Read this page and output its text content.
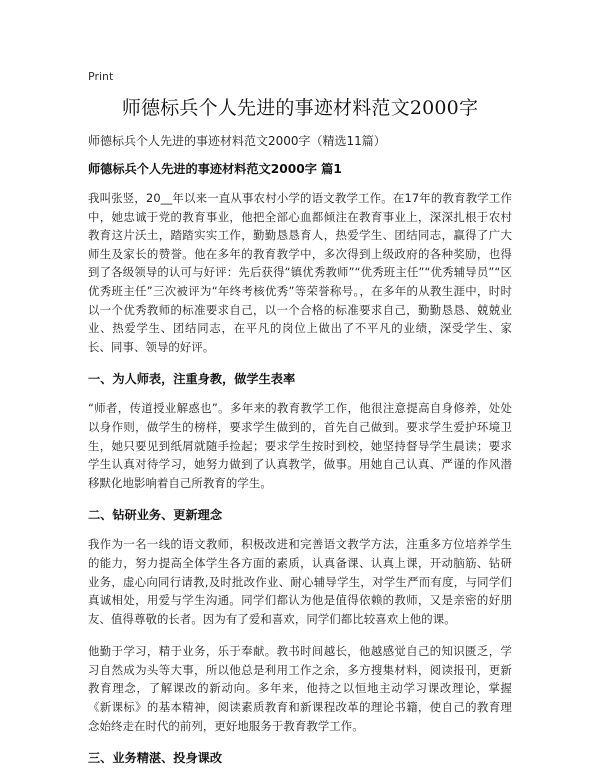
Print
师德标兵个人先进的事迹材料范文2000字

师德标兵个人先进的事迹材料范文2000字（精选11篇）

师德标兵个人先进的事迹材料范文2000字 篇1

我叫张竖，20__年以来一直从事农村小学的语文教学工作。在17年的教育教学工作中，她忠诚于党的教育事业，他把全部心血都倾注在教育事业上，深深扎根于农村教育这片沃土，踏踏实实工作，勤勤恳恳育人，热爱学生、团结同志，赢得了广大师生及家长的赞誉。他在多年的教育教学中，多次得到上级政府的各种奖励，也得到了各级领导的认可与好评：先后获得“镇优秀教师”“优秀班主任”“优秀辅导员”“区优秀班主任”三次被评为“年终考核优秀”等荣誉称号。，在多年的从教生涯中，时时以一个优秀教师的标准要求自己，以一个合格的标准要求自己，勤勤恳恳、兢兢业业、热爱学生、团结同志，在平凡的岗位上做出了不平凡的业绩，深受学生、家长、同事、领导的好评。

一、为人师表，注重身教，做学生表率

“师者，传道授业解惑也”。多年来的教育教学工作，他很注意提高自身修养，处处以身作则，做学生的榜样，要求学生做到的，首先自己做到。要求学生爱护环境卫生，她只要见到纸屑就随手捡起；要求学生按时到校，她坚持督导学生晨读；要求学生认真对待学习，她努力做到了认真教学，做事。用她自己认真、严谨的作风潜移默化地影响着自己所教育的学生。

二、钻研业务、更新理念

我作为一名一线的语文教师，积极改进和完善语文教学方法，注重多方位培养学生的能力，努力提高全体学生各方面的素质，认真备课、认真上课，开动脑筋、钻研业务，虚心向同行请教,及时批改作业、耐心辅导学生，对学生严而有度，与同学们真诚相处，用爱与学生沟通。同学们都认为他是值得依赖的教师，又是亲密的好朋友、值得尊敬的长者。因为有了爱和喜欢，同学们都比较喜欢上他的课。

他勤于学习，精于业务，乐于奉献。教书时间越长，他越感觉自己的知识匮乏，学习自然成为头等大事，所以他总是利用工作之余，多方搜集材料，阅读报刊，更新教育理念，了解课改的新动向。多年来，他持之以恒地主动学习课改理论，掌握《新课标》的基本精神，阅读素质教育和新课程改革的理论书籍，使自己的教育理念始终走在时代的前列，更好地服务于教育教学工作。

三、业务精湛、投身课改
